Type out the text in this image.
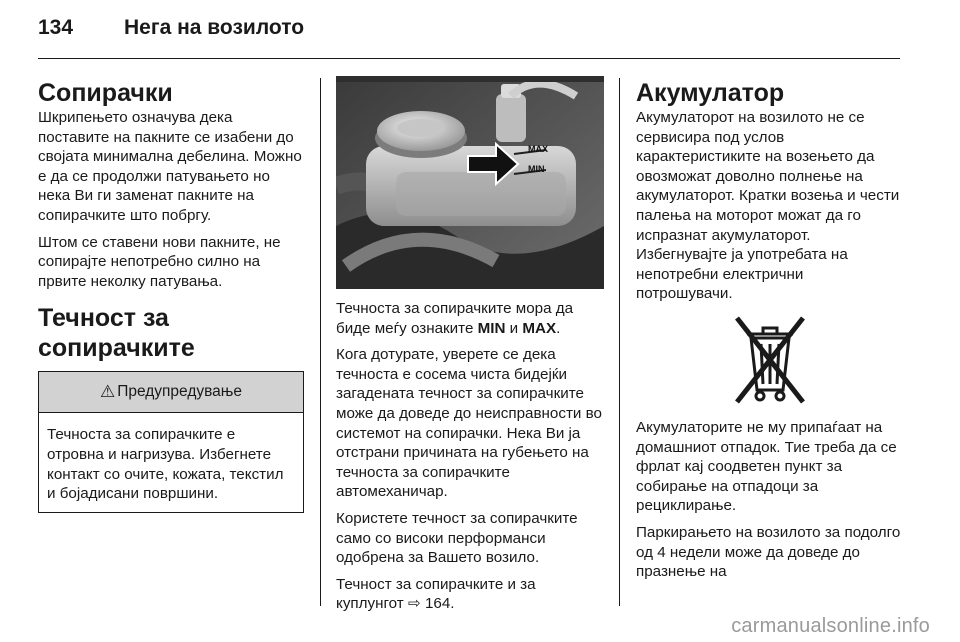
134 Нега на возилото
Сопирачки

Шкрипењето означува дека поставите на пакните се изабени до својата минимална дебелина. Можно е да се продолжи патувањето но нека Ви ги заменат пакните на сопирачките што побргу.

Штом се ставени нови пакните, не сопирајте непотребно силно на првите неколку патувања.

Течност за сопирачките
⚠ Предупредување

Течноста за сопирачките е отровна и нагризува. Избегнете контакт со очите, кожата, текстил и бојадисани површини.

MAX
MIN

Течноста за сопирачките мора да биде меѓу ознаките MIN и MAX.

Кога дотурате, уверете се дека течноста е сосема чиста бидејќи загадената течност за сопирачките може да доведе до неисправности во системот на сопирачки. Нека Ви ја отстрани причината на губењето на течноста за сопирачките автомеханичар.

Користете течност за сопирачките само со високи перформанси одобрена за Вашето возило.

Течност за сопирачките и за куплунгот ⇨ 164.

Акумулатор

Акумулаторот на возилото не се сервисира под услов карактеристиките на возењето да овозможат доволно полнење на акумулаторот. Кратки возења и чести палења на моторот можат да го испразнат акумулаторот. Избегнувајте ја употребата на непотребни електрични потрошувачи.

Акумулаторите не му припаѓаат на домашниот отпадок. Тие треба да се фрлат кај соодветен пункт за собирање на отпадоци за рециклирање.

Паркирањето на возилото за подолго од 4 недели може да доведе до празнење на

carmanualsonline.info
